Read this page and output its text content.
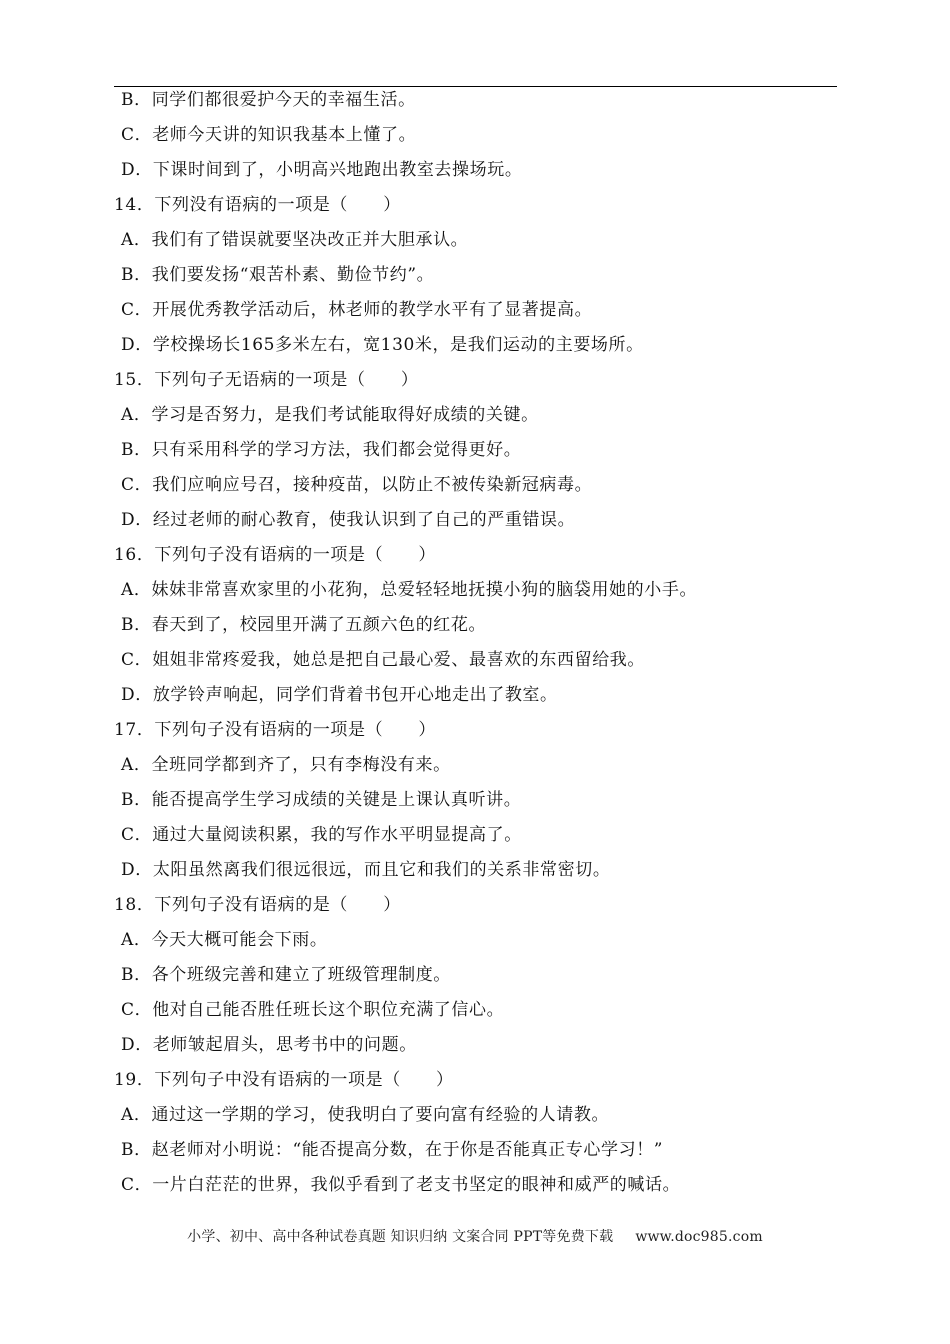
B．同学们都很爱护今天的幸福生活。
C．老师今天讲的知识我基本上懂了。
D．下课时间到了，小明高兴地跑出教室去操场玩。
14．下列没有语病的一项是（　　）
A．我们有了错误就要坚决改正并大胆承认。
B．我们要发扬“艰苦朴素、勤俭节约”。
C．开展优秀教学活动后，林老师的教学水平有了显著提高。
D．学校操场长165多米左右，宽130米，是我们运动的主要场所。
15．下列句子无语病的一项是（　　）
A．学习是否努力，是我们考试能取得好成绩的关键。
B．只有采用科学的学习方法，我们都会觉得更好。
C．我们应响应号召，接种疫苗，以防止不被传染新冠病毒。
D．经过老师的耐心教育，使我认识到了自己的严重错误。
16．下列句子没有语病的一项是（　　）
A．妹妹非常喜欢家里的小花狗，总爱轻轻地抚摸小狗的脑袋用她的小手。
B．春天到了，校园里开满了五颜六色的红花。
C．姐姐非常疼爱我，她总是把自己最心爱、最喜欢的东西留给我。
D．放学铃声响起，同学们背着书包开心地走出了教室。
17．下列句子没有语病的一项是（　　）
A．全班同学都到齐了，只有李梅没有来。
B．能否提高学生学习成绩的关键是上课认真听讲。
C．通过大量阅读积累，我的写作水平明显提高了。
D．太阳虽然离我们很远很远，而且它和我们的关系非常密切。
18．下列句子没有语病的是（　　）
A．今天大概可能会下雨。
B．各个班级完善和建立了班级管理制度。
C．他对自己能否胜任班长这个职位充满了信心。
D．老师皱起眉头，思考书中的问题。
19．下列句子中没有语病的一项是（　　）
A．通过这一学期的学习，使我明白了要向富有经验的人请教。
B．赵老师对小明说：“能否提高分数，在于你是否能真正专心学习！”
C．一片白茫茫的世界，我似乎看到了老支书坚定的眼神和威严的喊话。
小学、初中、高中各种试卷真题 知识归纳 文案合同 PPT等免费下载 www.doc985.com
